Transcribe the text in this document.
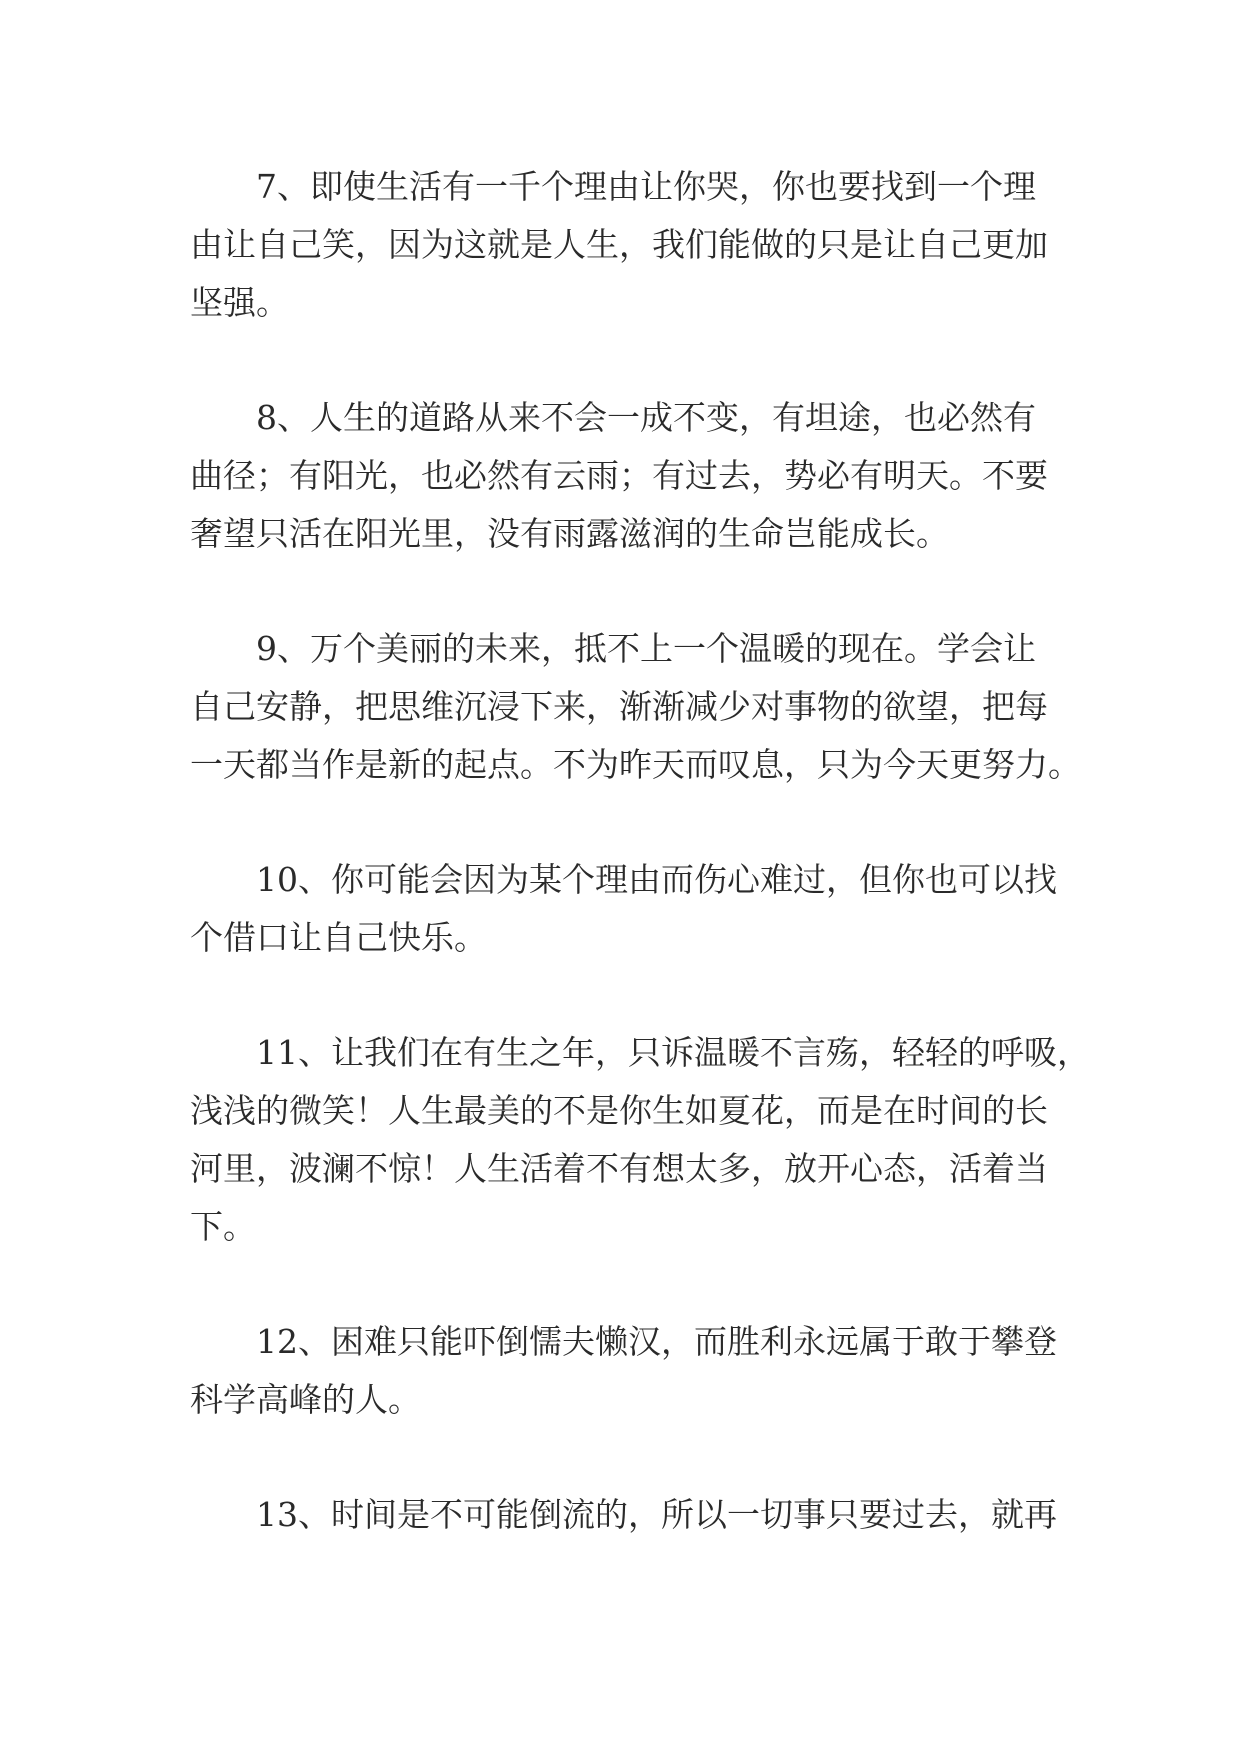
7、即使生活有一千个理由让你哭，你也要找到一个理
由让自己笑，因为这就是人生，我们能做的只是让自己更加
坚强。
8、人生的道路从来不会一成不变，有坦途，也必然有
曲径；有阳光，也必然有云雨；有过去，势必有明天。不要
奢望只活在阳光里，没有雨露滋润的生命岂能成长。
9、万个美丽的未来，抵不上一个温暖的现在。学会让
自己安静，把思维沉浸下来，渐渐减少对事物的欲望，把每
一天都当作是新的起点。不为昨天而叹息，只为今天更努力。
10、你可能会因为某个理由而伤心难过，但你也可以找
个借口让自己快乐。
11、让我们在有生之年，只诉温暖不言殇，轻轻的呼吸，
浅浅的微笑！人生最美的不是你生如夏花，而是在时间的长
河里，波澜不惊！人生活着不有想太多，放开心态，活着当
下。
12、困难只能吓倒懦夫懒汉，而胜利永远属于敢于攀登
科学高峰的人。
13、时间是不可能倒流的，所以一切事只要过去，就再
